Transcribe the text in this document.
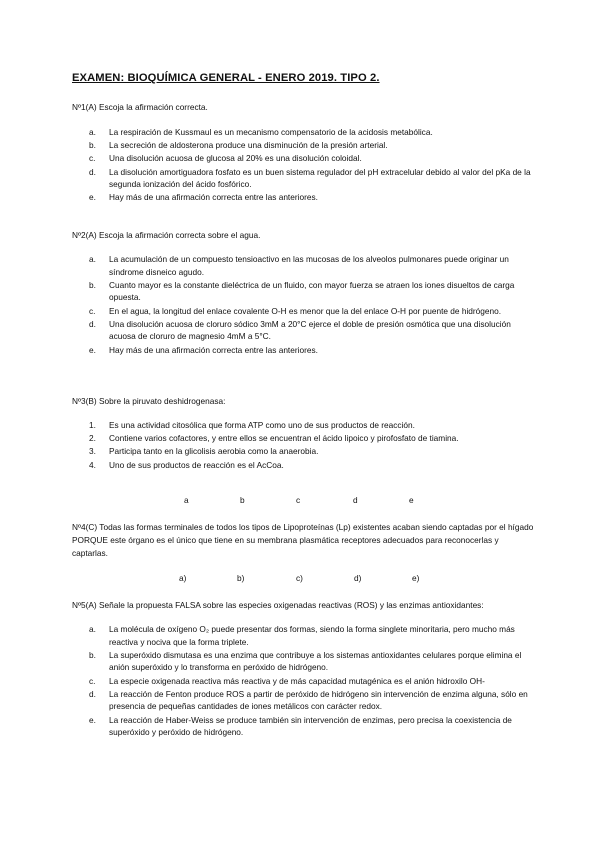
EXAMEN: BIOQUÍMICA GENERAL - ENERO 2019. TIPO 2.
Nº1(A) Escoja la afirmación correcta.
a. La respiración de Kussmaul es un mecanismo compensatorio de la acidosis metabólica.
b. La secreción de aldosterona produce una disminución de la presión arterial.
c. Una disolución acuosa de glucosa al 20% es una disolución coloidal.
d. La disolución amortiguadora fosfato es un buen sistema regulador del pH extracelular debido al valor del pKa de la segunda ionización del ácido fosfórico.
e. Hay más de una afirmación correcta entre las anteriores.
Nº2(A) Escoja la afirmación correcta sobre el agua.
a. La acumulación de un compuesto tensioactivo en las mucosas de los alveolos pulmonares puede originar un síndrome disneico agudo.
b. Cuanto mayor es la constante dieléctrica de un fluido, con mayor fuerza se atraen los iones disueltos de carga opuesta.
c. En el agua, la longitud del enlace covalente O-H es menor que la del enlace O-H por puente de hidrógeno.
d. Una disolución acuosa de cloruro sódico 3mM a 20°C ejerce el doble de presión osmótica que una disolución acuosa de cloruro de magnesio 4mM a 5°C.
e. Hay más de una afirmación correcta entre las anteriores.
Nº3(B) Sobre la piruvato deshidrogenasa:
1. Es una actividad citosólica que forma ATP como uno de sus productos de reacción.
2. Contiene varios cofactores, y entre ellos se encuentran el ácido lipoico y pirofosfato de tiamina.
3. Participa tanto en la glicolisis aerobia como la anaerobia.
4. Uno de sus productos de reacción es el AcCoa.
a	b	c	d	e
Nº4(C) Todas las formas terminales de todos los tipos de Lipoproteínas (Lp) existentes acaban siendo captadas por el hígado PORQUE este órgano es el único que tiene en su membrana plasmática receptores adecuados para reconocerlas y captarlas.
a)	b)	c)	d)	e)
Nº5(A) Señale la propuesta FALSA sobre las especies oxigenadas reactivas (ROS) y las enzimas antioxidantes:
a. La molécula de oxígeno O₂ puede presentar dos formas, siendo la forma singlete minoritaria, pero mucho más reactiva y nociva que la forma triplete.
b. La superóxido dismutasa es una enzima que contribuye a los sistemas antioxidantes celulares porque elimina el anión superóxido y lo transforma en peróxido de hidrógeno.
c. La especie oxigenada reactiva más reactiva y de más capacidad mutagénica es el anión hidroxilo OH-
d. La reacción de Fenton produce ROS a partir de peróxido de hidrógeno sin intervención de enzima alguna, sólo en presencia de pequeñas cantidades de iones metálicos con carácter redox.
e. La reacción de Haber-Weiss se produce también sin intervención de enzimas, pero precisa la coexistencia de superóxido y peróxido de hidrógeno.
